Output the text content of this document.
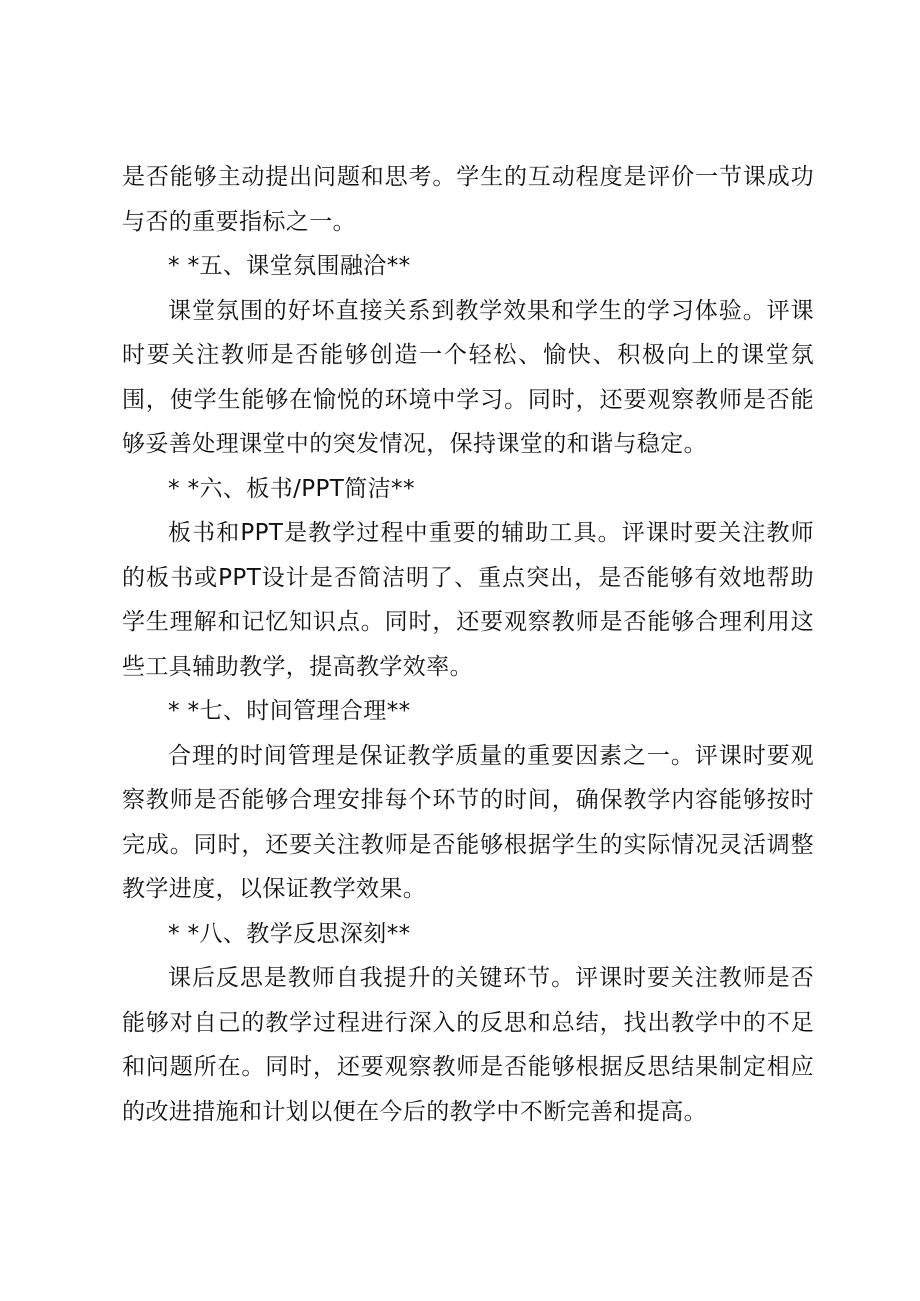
是否能够主动提出问题和思考。学生的互动程度是评价一节课成功与否的重要指标之一。

* *五、课堂氛围融洽**

课堂氛围的好坏直接关系到教学效果和学生的学习体验。评课时要关注教师是否能够创造一个轻松、愉快、积极向上的课堂氛围，使学生能够在愉悦的环境中学习。同时，还要观察教师是否能够妥善处理课堂中的突发情况，保持课堂的和谐与稳定。

* *六、板书/PPT简洁**

板书和PPT是教学过程中重要的辅助工具。评课时要关注教师的板书或PPT设计是否简洁明了、重点突出，是否能够有效地帮助学生理解和记忆知识点。同时，还要观察教师是否能够合理利用这些工具辅助教学，提高教学效率。

* *七、时间管理合理**

合理的时间管理是保证教学质量的重要因素之一。评课时要观察教师是否能够合理安排每个环节的时间，确保教学内容能够按时完成。同时，还要关注教师是否能够根据学生的实际情况灵活调整教学进度，以保证教学效果。

* *八、教学反思深刻**

课后反思是教师自我提升的关键环节。评课时要关注教师是否能够对自己的教学过程进行深入的反思和总结，找出教学中的不足和问题所在。同时，还要观察教师是否能够根据反思结果制定相应的改进措施和计划以便在今后的教学中不断完善和提高。
